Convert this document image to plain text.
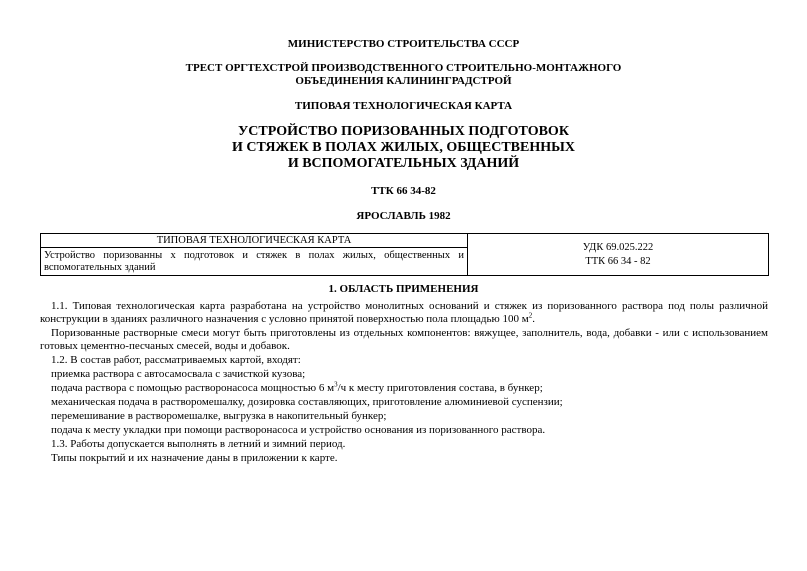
МИНИСТЕРСТВО СТРОИТЕЛЬСТВА СССР
ТРЕСТ ОРГТЕХСТРОЙ ПРОИЗВОДСТВЕННОГО СТРОИТЕЛЬНО-МОНТАЖНОГО
ОБЪЕДИНЕНИЯ КАЛИНИНГРАДСТРОЙ
ТИПОВАЯ ТЕХНОЛОГИЧЕСКАЯ КАРТА
УСТРОЙСТВО ПОРИЗОВАННЫХ ПОДГОТОВОК
И СТЯЖЕК В ПОЛАХ ЖИЛЫХ, ОБЩЕСТВЕННЫХ
И ВСПОМОГАТЕЛЬНЫХ ЗДАНИЙ
ТТК 66 34-82
ЯРОСЛАВЛЬ 1982
ТИПОВАЯ ТЕХНОЛОГИЧЕСКАЯ КАРТА	
УДК 69.025.222
ТТК 66 34 - 82

Устройство поризованны х подготовок и стяжек в полах жилых, общественных и
вспомогательных зданий
1. ОБЛАСТЬ ПРИМЕНЕНИЯ

1.1. Типовая технологическая карта разработана на устройство монолитных оснований и стяжек из поризованного раствора под полы различной конструкции в зданиях различного назначения с условно принятой поверхностью пола площадью 100 $м^2$.

Поризованные растворные смеси могут быть приготовлены из отдельных компонентов: вяжущее, заполнитель, вода, добавки - или с использованием готовых цементно-песчаных смесей, воды и добавок.

1.2. В состав работ, рассматриваемых картой, входят:

приемка раствора с автосамосвала с зачисткой кузова;

подача раствора с помощью растворонасоса мощностью 6 $м^3/ч$ к месту приготовления состава, в бункер;

механическая подача в растворомешалку, дозировка составляющих, приготовление алюминиевой суспензии;

перемешивание в растворомешалке, выгрузка в накопительный бункер;

подача к месту укладки при помощи растворонасоса и устройство основания из поризованного раствора.

1.3. Работы допускается выполнять в летний и зимний период.

Типы покрытий и их назначение даны в приложении к карте.
